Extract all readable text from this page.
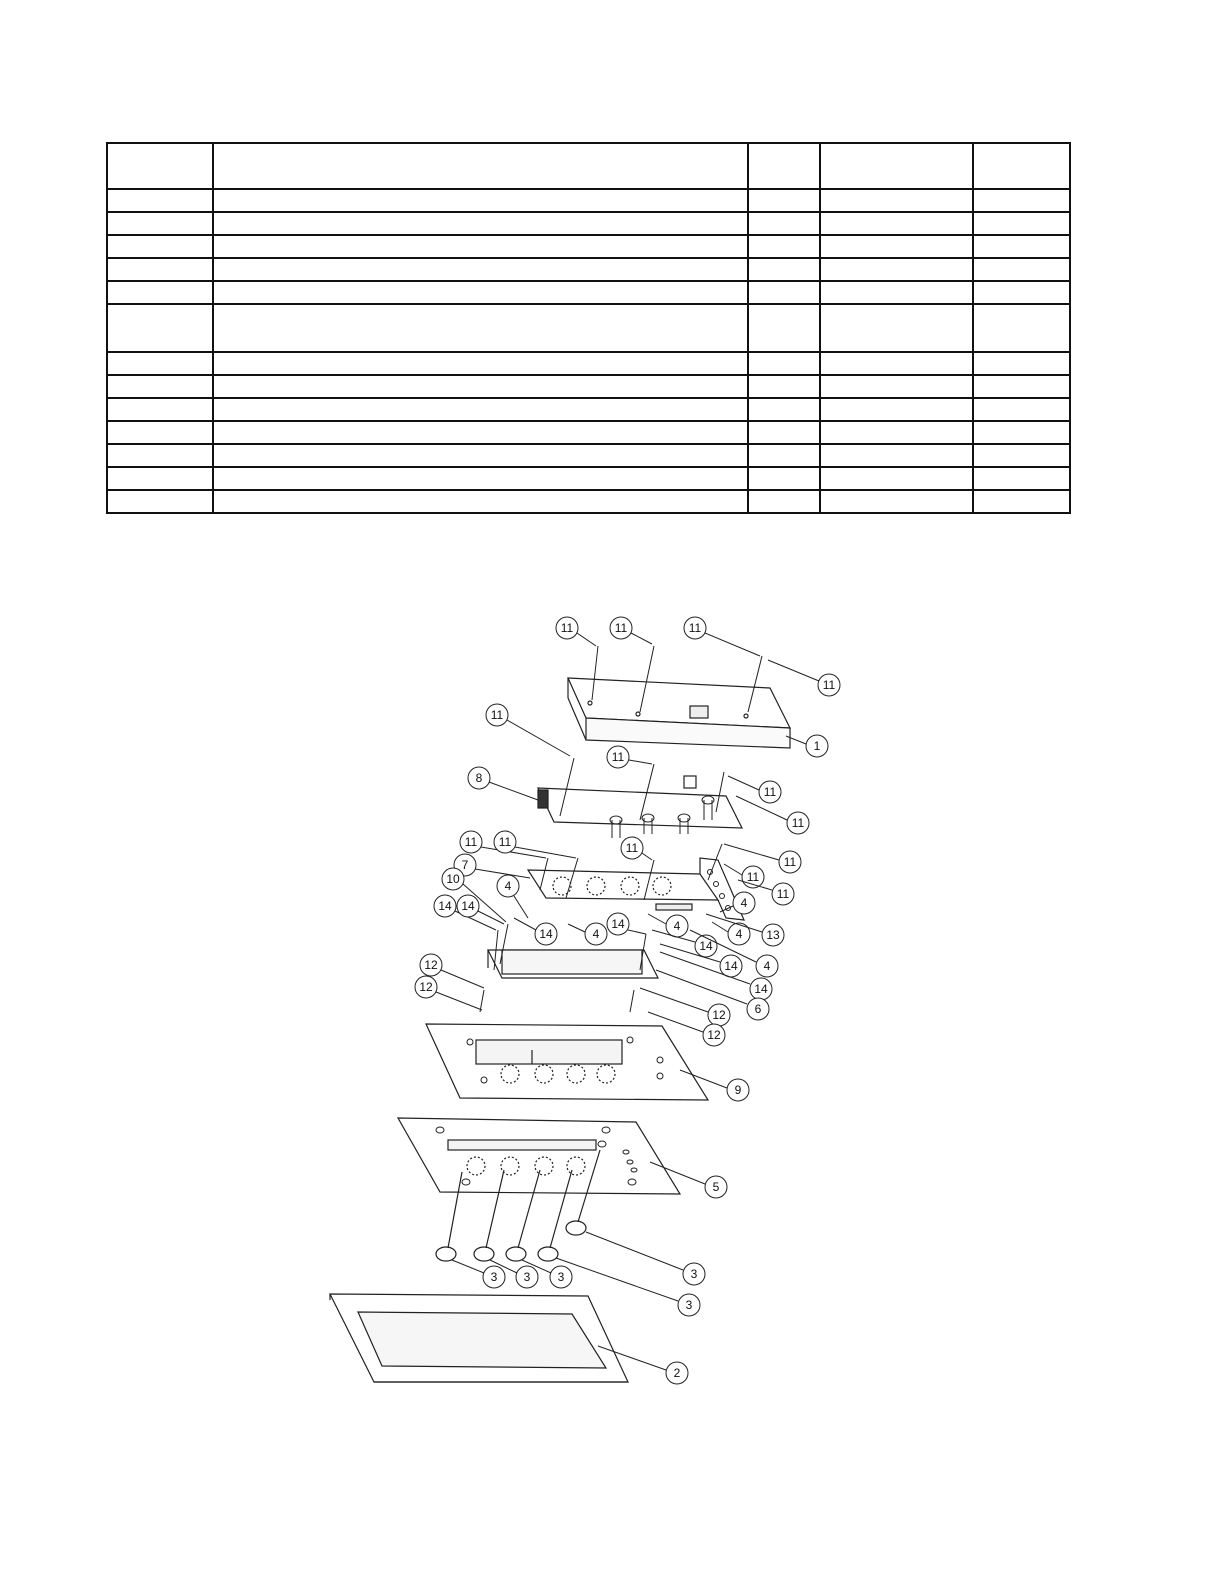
11	11	11
11
1
11
11
8
11
11
11 11
7
11
11
11
11
10	4
14 14
14	4
14	4
4
4 13
14
4
14
14
6
12
12
12
12
9
5
3 3 3	3
3
2
